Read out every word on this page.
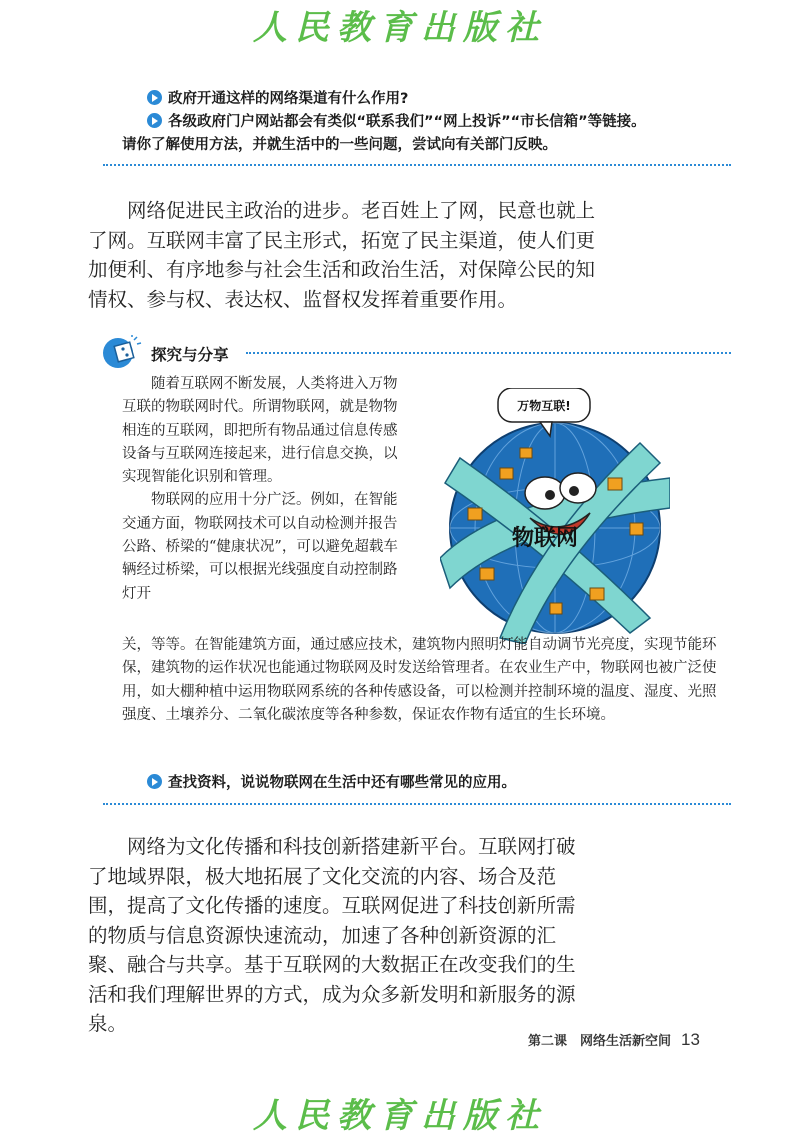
人民教育出版社
政府开通这样的网络渠道有什么作用?
各级政府门户网站都会有类似“联系我们”“网上投诉”“市长信箱”等链接。
请你了解使用方法，并就生活中的一些问题，尝试向有关部门反映。
网络促进民主政治的进步。老百姓上了网，民意也就上了网。互联网丰富了民主形式，拓宽了民主渠道，使人们更加便利、有序地参与社会生活和政治生活，对保障公民的知情权、参与权、表达权、监督权发挥着重要作用。
探究与分享

随着互联网不断发展，人类将进入万物互联的物联网时代。所谓物联网，就是物物相连的互联网，即把所有物品通过信息传感设备与互联网连接起来，进行信息交换，以实现智能化识别和管理。

物联网的应用十分广泛。例如，在智能交通方面，物联网技术可以自动检测并报告公路、桥梁的“健康状况”，可以避免超载车辆经过桥梁，可以根据光线强度自动控制路灯开

万物互联!
物联网

关，等等。在智能建筑方面，通过感应技术，建筑物内照明灯能自动调节光亮度，实现节能环保，建筑物的运作状况也能通过物联网及时发送给管理者。在农业生产中，物联网也被广泛使用，如大棚种植中运用物联网系统的各种传感设备，可以检测并控制环境的温度、湿度、光照强度、土壤养分、二氧化碳浓度等各种参数，保证农作物有适宜的生长环境。

查找资料，说说物联网在生活中还有哪些常见的应用。
网络为文化传播和科技创新搭建新平台。互联网打破了地域界限，极大地拓展了文化交流的内容、场合及范围，提高了文化传播的速度。互联网促进了科技创新所需的物质与信息资源快速流动，加速了各种创新资源的汇聚、融合与共享。基于互联网的大数据正在改变我们的生活和我们理解世界的方式，成为众多新发明和新服务的源泉。
第二课　网络生活新空间 13
人民教育出版社
